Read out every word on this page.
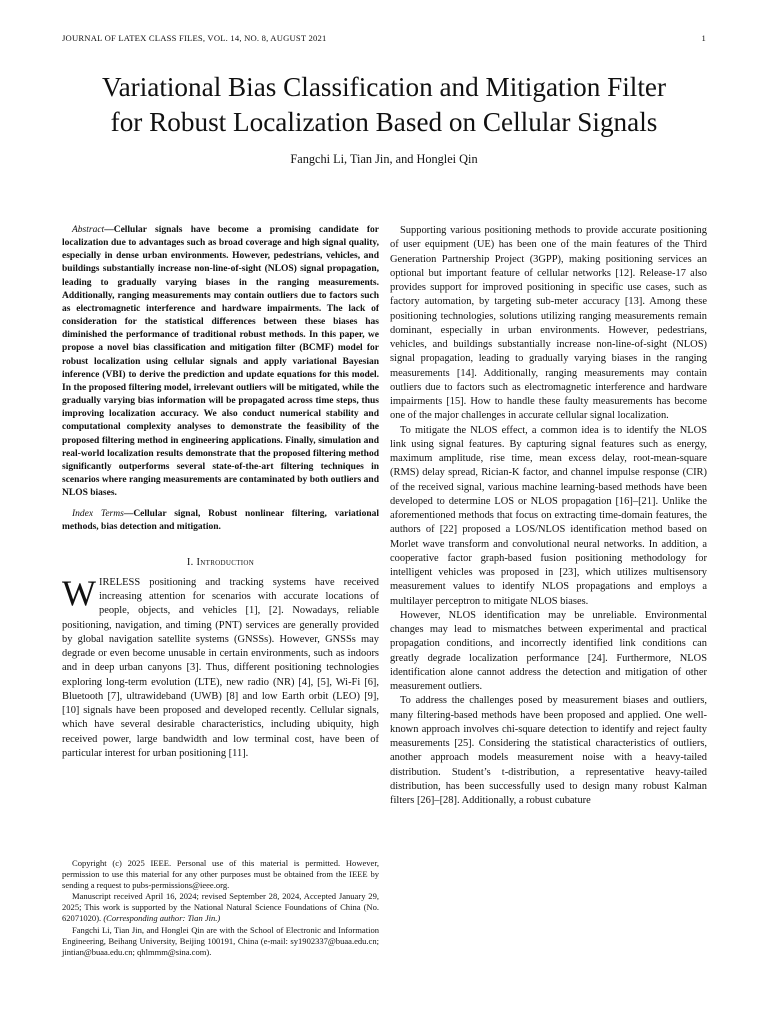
JOURNAL OF LATEX CLASS FILES, VOL. 14, NO. 8, AUGUST 2021	1
Variational Bias Classification and Mitigation Filter
for Robust Localization Based on Cellular Signals
Fangchi Li, Tian Jin, and Honglei Qin

Abstract—Cellular signals have become a promising candidate for localization due to advantages such as broad coverage and high signal quality, especially in dense urban environments. However, pedestrians, vehicles, and buildings substantially increase non-line-of-sight (NLOS) signal propagation, leading to gradually varying biases in the ranging measurements. Additionally, ranging measurements may contain outliers due to factors such as electromagnetic interference and hardware impairments. The lack of consideration for the statistical differences between these biases has diminished the performance of traditional robust methods. In this paper, we propose a novel bias classification and mitigation filter (BCMF) model for robust localization using cellular signals and apply variational Bayesian inference (VBI) to derive the prediction and update equations for this model. In the proposed filtering model, irrelevant outliers will be mitigated, while the gradually varying bias information will be propagated across time steps, thus improving localization accuracy. We also conduct numerical stability and computational complexity analyses to demonstrate the feasibility of the proposed filtering method in engineering applications. Finally, simulation and real-world localization results demonstrate that the proposed filtering method significantly outperforms several state-of-the-art filtering techniques in scenarios where ranging measurements are contaminated by both outliers and NLOS biases.

Index Terms—Cellular signal, Robust nonlinear filtering, variational methods, bias detection and mitigation.

I. Introduction

WIRELESS positioning and tracking systems have received increasing attention for scenarios with accurate locations of people, objects, and vehicles [1], [2]. Nowadays, reliable positioning, navigation, and timing (PNT) services are generally provided by global navigation satellite systems (GNSSs). However, GNSSs may degrade or even become unusable in certain environments, such as indoors and in deep urban canyons [3]. Thus, different positioning technologies exploring long-term evolution (LTE), new radio (NR) [4], [5], Wi-Fi [6], Bluetooth [7], ultrawideband (UWB) [8] and low Earth orbit (LEO) [9], [10] signals have been proposed and developed recently. Cellular signals, which have several desirable characteristics, including ubiquity, high received power, large bandwidth and low terminal cost, have been of particular interest for urban positioning [11].

Copyright (c) 2025 IEEE. Personal use of this material is permitted. However, permission to use this material for any other purposes must be obtained from the IEEE by sending a request to pubs-permissions@ieee.org.

Manuscript received April 16, 2024; revised September 28, 2024, Accepted January 29, 2025; This work is supported by the National Natural Science Foundations of China (No. 62071020). (Corresponding author: Tian Jin.)

Fangchi Li, Tian Jin, and Honglei Qin are with the School of Electronic and Information Engineering, Beihang University, Beijing 100191, China (e-mail: sy1902337@buaa.edu.cn; jintian@buaa.edu.cn; qhlmmm@sina.com).

Supporting various positioning methods to provide accurate positioning of user equipment (UE) has been one of the main features of the Third Generation Partnership Project (3GPP), making positioning services an optional but important feature of cellular networks [12]. Release-17 also provides support for improved positioning in specific use cases, such as factory automation, by targeting sub-meter accuracy [13]. Among these positioning technologies, solutions utilizing ranging measurements remain dominant, especially in urban environments. However, pedestrians, vehicles, and buildings substantially increase non-line-of-sight (NLOS) signal propagation, leading to gradually varying biases in the ranging measurements [14]. Additionally, ranging measurements may contain outliers due to factors such as electromagnetic interference and hardware impairments [15]. How to handle these faulty measurements has become one of the major challenges in accurate cellular signal localization.

To mitigate the NLOS effect, a common idea is to identify the NLOS link using signal features. By capturing signal features such as energy, maximum amplitude, rise time, mean excess delay, root-mean-square (RMS) delay spread, Rician-K factor, and channel impulse response (CIR) of the received signal, various machine learning-based methods have been developed to determine LOS or NLOS propagation [16]–[21]. Unlike the aforementioned methods that focus on extracting time-domain features, the authors of [22] proposed a LOS/NLOS identification method based on Morlet wave transform and convolutional neural networks. In addition, a cooperative factor graph-based fusion positioning methodology for intelligent vehicles was proposed in [23], which utilizes multisensory measurement values to identify NLOS propagations and employs a multilayer perceptron to mitigate NLOS biases.

However, NLOS identification may be unreliable. Environmental changes may lead to mismatches between experimental and practical propagation conditions, and incorrectly identified link conditions can greatly degrade localization performance [24]. Furthermore, NLOS identification alone cannot address the detection and mitigation of other measurement outliers.

To address the challenges posed by measurement biases and outliers, many filtering-based methods have been proposed and applied. One well-known approach involves chi-square detection to identify and reject faulty measurements [25]. Considering the statistical characteristics of outliers, another approach models measurement noise with a heavy-tailed distribution. Student’s t-distribution, a representative heavy-tailed distribution, has been successfully used to design many robust Kalman filters [26]–[28]. Additionally, a robust cubature
